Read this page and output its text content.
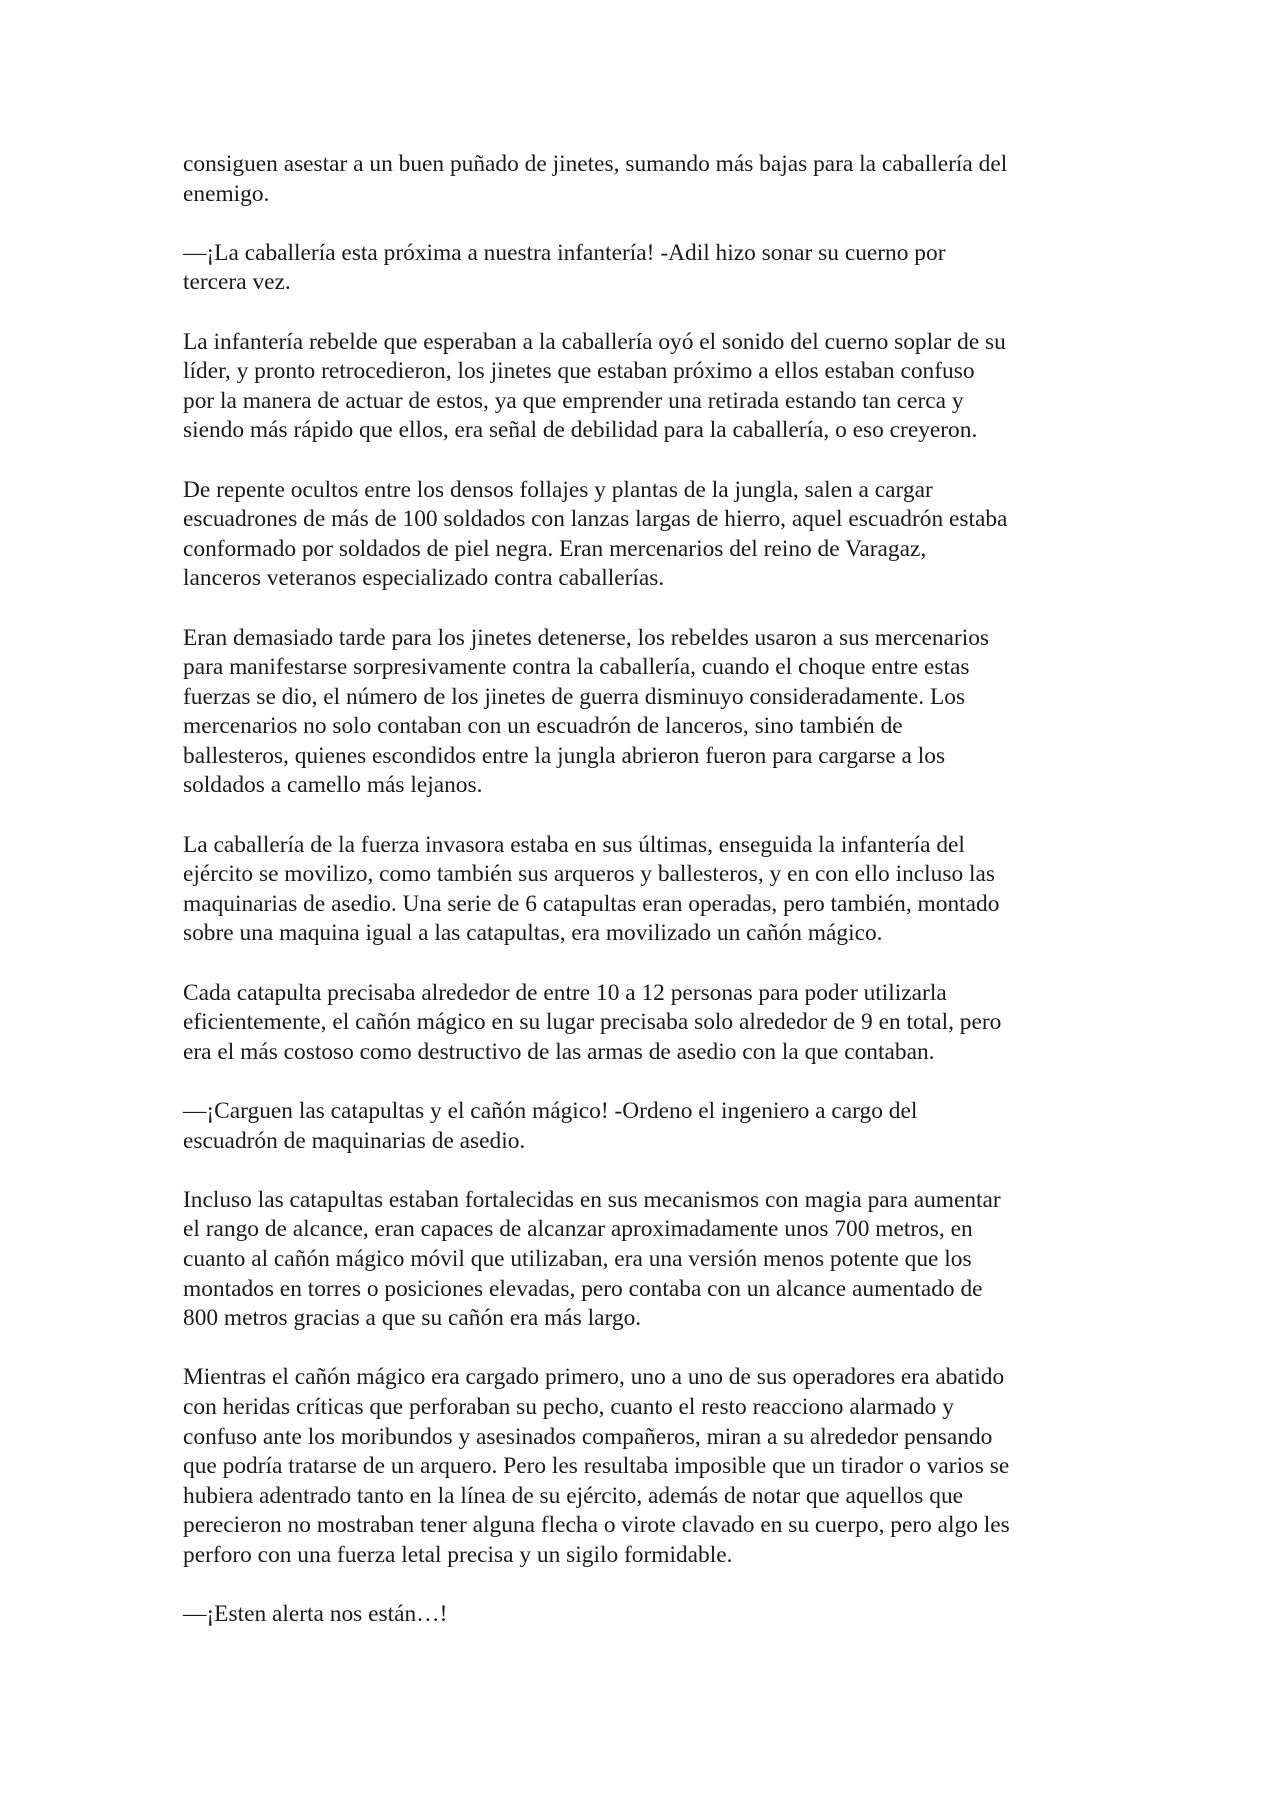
consiguen asestar a un buen puñado de jinetes, sumando más bajas para la caballería del
enemigo.

—¡La caballería esta próxima a nuestra infantería! -Adil hizo sonar su cuerno por
tercera vez.

La infantería rebelde que esperaban a la caballería oyó el sonido del cuerno soplar de su
líder, y pronto retrocedieron, los jinetes que estaban próximo a ellos estaban confuso
por la manera de actuar de estos, ya que emprender una retirada estando tan cerca y
siendo más rápido que ellos, era señal de debilidad para la caballería, o eso creyeron.

De repente ocultos entre los densos follajes y plantas de la jungla, salen a cargar
escuadrones de más de 100 soldados con lanzas largas de hierro, aquel escuadrón estaba
conformado por soldados de piel negra. Eran mercenarios del reino de Varagaz,
lanceros veteranos especializado contra caballerías.

Eran demasiado tarde para los jinetes detenerse, los rebeldes usaron a sus mercenarios
para manifestarse sorpresivamente contra la caballería, cuando el choque entre estas
fuerzas se dio, el número de los jinetes de guerra disminuyo consideradamente. Los
mercenarios no solo contaban con un escuadrón de lanceros, sino también de
ballesteros, quienes escondidos entre la jungla abrieron fueron para cargarse a los
soldados a camello más lejanos.

La caballería de la fuerza invasora estaba en sus últimas, enseguida la infantería del
ejército se movilizo, como también sus arqueros y ballesteros, y en con ello incluso las
maquinarias de asedio. Una serie de 6 catapultas eran operadas, pero también, montado
sobre una maquina igual a las catapultas, era movilizado un cañón mágico.

Cada catapulta precisaba alrededor de entre 10 a 12 personas para poder utilizarla
eficientemente, el cañón mágico en su lugar precisaba solo alrededor de 9 en total, pero
era el más costoso como destructivo de las armas de asedio con la que contaban.

—¡Carguen las catapultas y el cañón mágico! -Ordeno el ingeniero a cargo del
escuadrón de maquinarias de asedio.

Incluso las catapultas estaban fortalecidas en sus mecanismos con magia para aumentar
el rango de alcance, eran capaces de alcanzar aproximadamente unos 700 metros, en
cuanto al cañón mágico móvil que utilizaban, era una versión menos potente que los
montados en torres o posiciones elevadas, pero contaba con un alcance aumentado de
800 metros gracias a que su cañón era más largo.

Mientras el cañón mágico era cargado primero, uno a uno de sus operadores era abatido
con heridas críticas que perforaban su pecho, cuanto el resto reacciono alarmado y
confuso ante los moribundos y asesinados compañeros, miran a su alrededor pensando
que podría tratarse de un arquero. Pero les resultaba imposible que un tirador o varios se
hubiera adentrado tanto en la línea de su ejército, además de notar que aquellos que
perecieron no mostraban tener alguna flecha o virote clavado en su cuerpo, pero algo les
perforo con una fuerza letal precisa y un sigilo formidable.

—¡Esten alerta nos están…!
